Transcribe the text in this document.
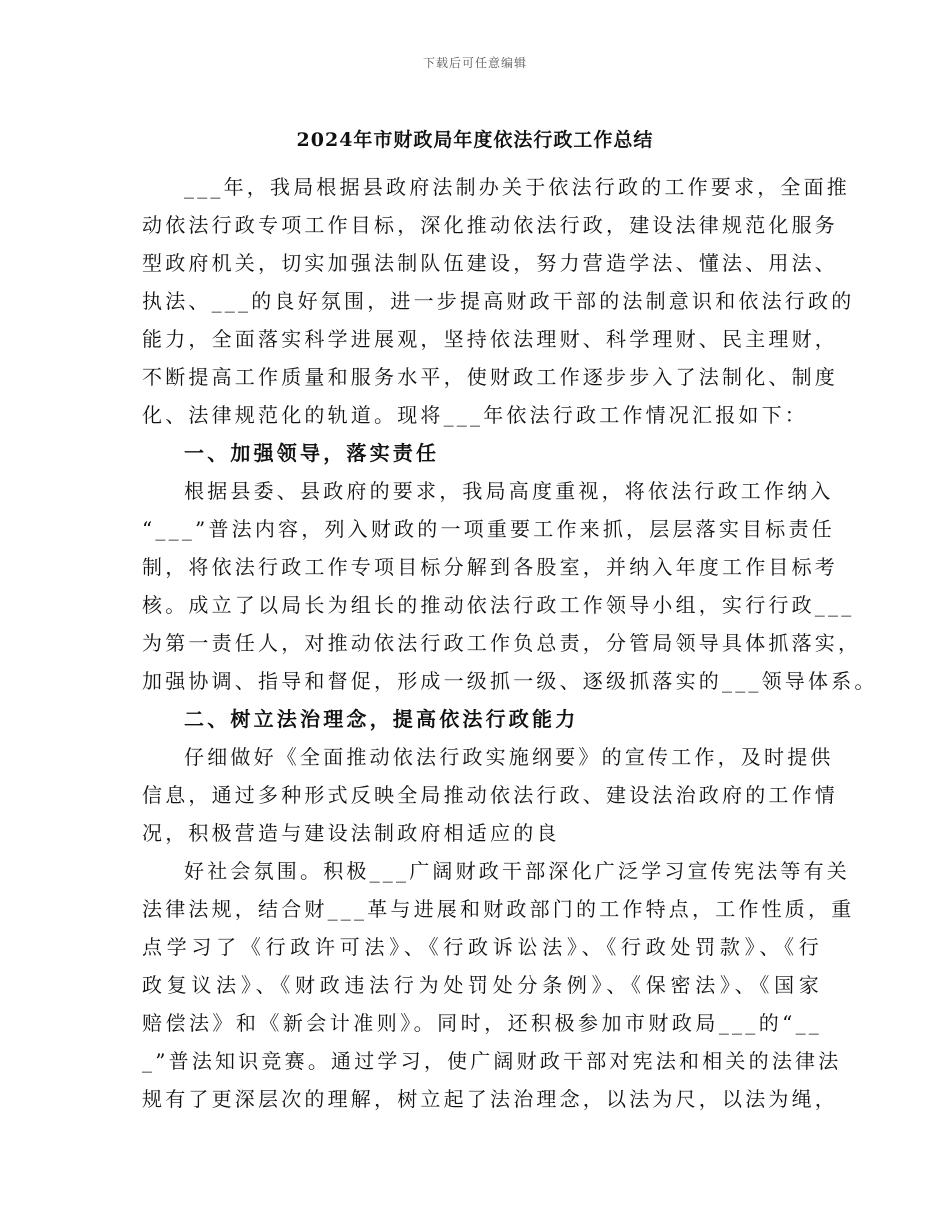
下载后可任意编辑
2024年市财政局年度依法行政工作总结
___年，我局根据县政府法制办关于依法行政的工作要求，全面推
动依法行政专项工作目标，深化推动依法行政，建设法律规范化服务
型政府机关，切实加强法制队伍建设，努力营造学法、懂法、用法、
执法、___的良好氛围，进一步提高财政干部的法制意识和依法行政的
能力，全面落实科学进展观，坚持依法理财、科学理财、民主理财，
不断提高工作质量和服务水平，使财政工作逐步步入了法制化、制度
化、法律规范化的轨道。现将___年依法行政工作情况汇报如下：
一、加强领导，落实责任
根据县委、县政府的要求，我局高度重视，将依法行政工作纳入
“___”普法内容，列入财政的一项重要工作来抓，层层落实目标责任
制，将依法行政工作专项目标分解到各股室，并纳入年度工作目标考
核。成立了以局长为组长的推动依法行政工作领导小组，实行行政___
为第一责任人，对推动依法行政工作负总责，分管局领导具体抓落实，
加强协调、指导和督促，形成一级抓一级、逐级抓落实的___领导体系。
二、树立法治理念，提高依法行政能力
仔细做好《全面推动依法行政实施纲要》的宣传工作，及时提供
信息，通过多种形式反映全局推动依法行政、建设法治政府的工作情
况，积极营造与建设法制政府相适应的良
好社会氛围。积极___广阔财政干部深化广泛学习宣传宪法等有关
法律法规，结合财___革与进展和财政部门的工作特点，工作性质，重
点学习了《行政许可法》、《行政诉讼法》、《行政处罚款》、《行
政复议法》、《财政违法行为处罚处分条例》、《保密法》、《国家
赔偿法》和《新会计准则》。同时，还积极参加市财政局___的“__
_”普法知识竞赛。通过学习，使广阔财政干部对宪法和相关的法律法
规有了更深层次的理解，树立起了法治理念，以法为尺，以法为绳，
